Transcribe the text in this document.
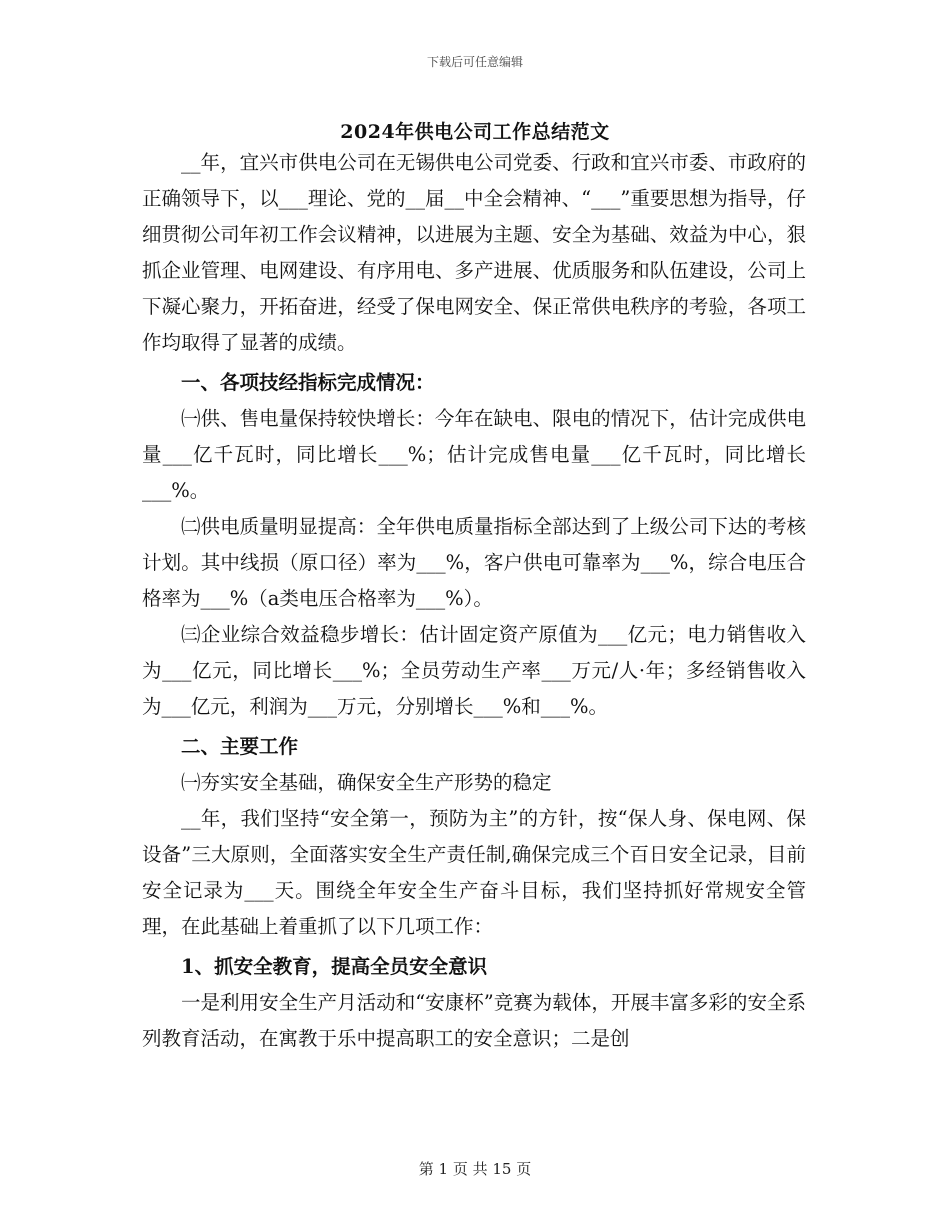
下载后可任意编辑
2024年供电公司工作总结范文

__年，宜兴市供电公司在无锡供电公司党委、行政和宜兴市委、市政府的正确领导下，以___理论、党的__届__中全会精神、“___”重要思想为指导，仔细贯彻公司年初工作会议精神，以进展为主题、安全为基础、效益为中心，狠抓企业管理、电网建设、有序用电、多产进展、优质服务和队伍建设，公司上下凝心聚力，开拓奋进，经受了保电网安全、保正常供电秩序的考验，各项工作均取得了显著的成绩。

一、各项技经指标完成情况：

㈠供、售电量保持较快增长：今年在缺电、限电的情况下，估计完成供电量___亿千瓦时，同比增长___%；估计完成售电量___亿千瓦时，同比增长___%。

㈡供电质量明显提高：全年供电质量指标全部达到了上级公司下达的考核计划。其中线损（原口径）率为___%，客户供电可靠率为___%，综合电压合格率为___%（a类电压合格率为___%）。

㈢企业综合效益稳步增长：估计固定资产原值为___亿元；电力销售收入为___亿元，同比增长___%；全员劳动生产率___万元/人·年；多经销售收入为___亿元，利润为___万元，分别增长___%和___%。

二、主要工作

㈠夯实安全基础，确保安全生产形势的稳定

__年，我们坚持“安全第一，预防为主”的方针，按“保人身、保电网、保设备”三大原则，全面落实安全生产责任制,确保完成三个百日安全记录，目前安全记录为___天。围绕全年安全生产奋斗目标，我们坚持抓好常规安全管理，在此基础上着重抓了以下几项工作：

1、抓安全教育，提高全员安全意识

一是利用安全生产月活动和“安康杯”竞赛为载体，开展丰富多彩的安全系列教育活动，在寓教于乐中提高职工的安全意识；二是创

第 1 页 共 15 页
